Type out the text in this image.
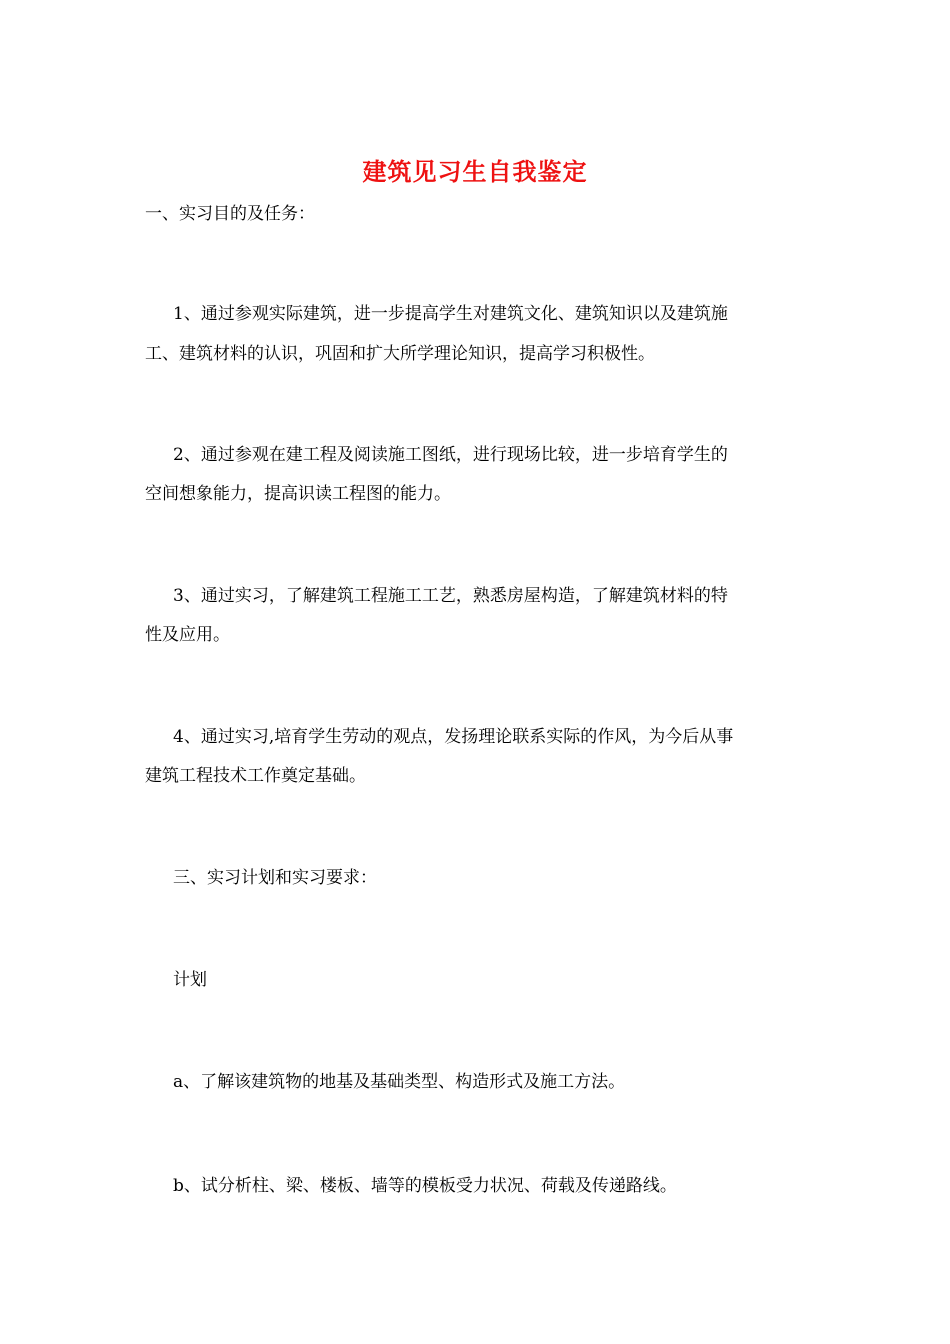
建筑见习生自我鉴定
一、实习目的及任务：
1、通过参观实际建筑，进一步提高学生对建筑文化、建筑知识以及建筑施
工、建筑材料的认识，巩固和扩大所学理论知识，提高学习积极性。
2、通过参观在建工程及阅读施工图纸，进行现场比较，进一步培育学生的
空间想象能力，提高识读工程图的能力。
3、通过实习，了解建筑工程施工工艺，熟悉房屋构造，了解建筑材料的特
性及应用。
4、通过实习,培育学生劳动的观点，发扬理论联系实际的作风，为今后从事
建筑工程技术工作奠定基础。
三、实习计划和实习要求：
计划
a、了解该建筑物的地基及基础类型、构造形式及施工方法。
b、试分析柱、梁、楼板、墙等的模板受力状况、荷载及传递路线。
